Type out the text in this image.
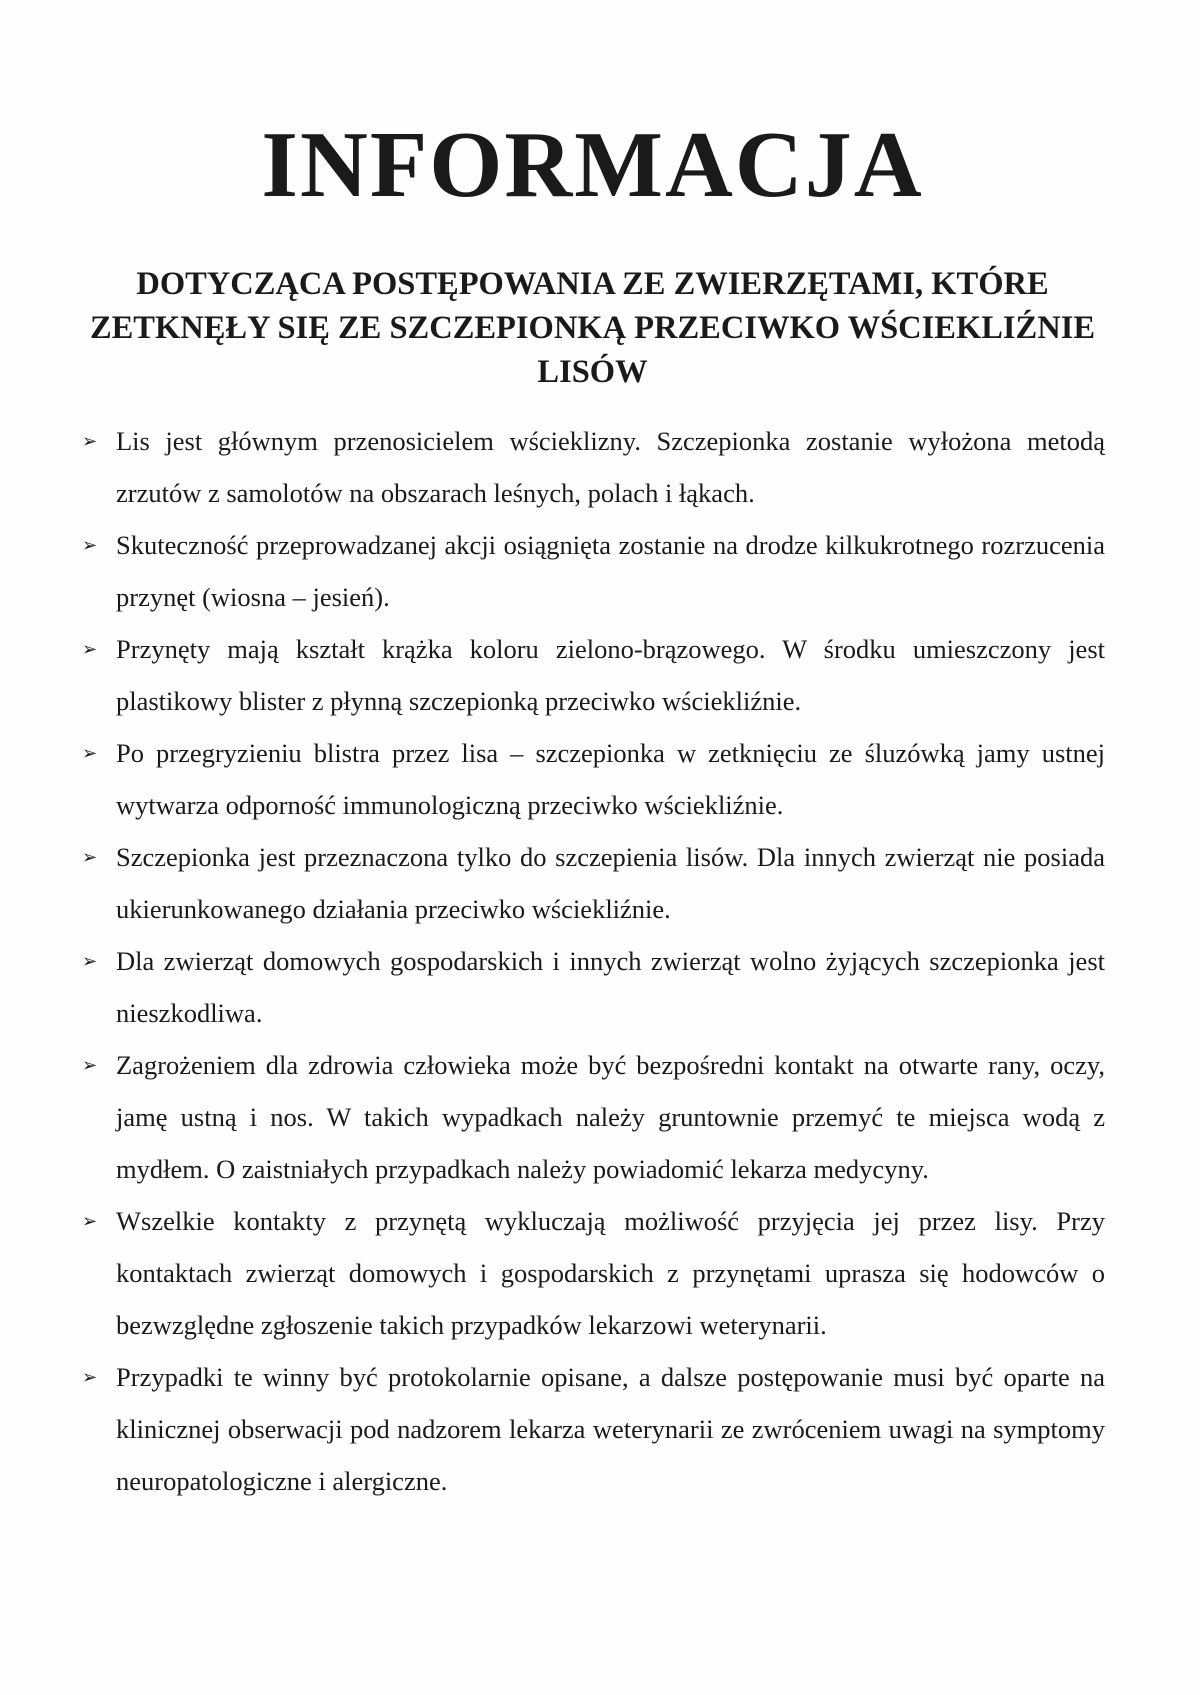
INFORMACJA
DOTYCZĄCA POSTĘPOWANIA ZE ZWIERZĘTAMI, KTÓRE ZETKNĘŁY SIĘ ZE SZCZEPIONKĄ PRZECIWKO WŚCIEKLIŹNIE LISÓW
➢ Lis jest głównym przenosicielem wścieklizny. Szczepionka zostanie wyłożona metodą zrzutów z samolotów na obszarach leśnych, polach i łąkach.
➢ Skuteczność przeprowadzanej akcji osiągnięta zostanie na drodze kilkukrotnego rozrzucenia przynęt (wiosna – jesień).
➢ Przynęty mają kształt krążka koloru zielono-brązowego. W środku umieszczony jest plastikowy blister z płynną szczepionką przeciwko wściekliźnie.
➢ Po przegryzieniu blistra przez lisa – szczepionka w zetknięciu ze śluzówką jamy ustnej wytwarza odporność immunologiczną przeciwko wściekliźnie.
➢ Szczepionka jest przeznaczona tylko do szczepienia lisów. Dla innych zwierząt nie posiada ukierunkowanego działania przeciwko wściekliźnie.
➢ Dla zwierząt domowych gospodarskich i innych zwierząt wolno żyjących szczepionka jest nieszkodliwa.
➢ Zagrożeniem dla zdrowia człowieka może być bezpośredni kontakt na otwarte rany, oczy, jamę ustną i nos. W takich wypadkach należy gruntownie przemyć te miejsca wodą z mydłem. O zaistniałych przypadkach należy powiadomić lekarza medycyny.
➢ Wszelkie kontakty z przynętą wykluczają możliwość przyjęcia jej przez lisy. Przy kontaktach zwierząt domowych i gospodarskich z przynętami uprasza się hodowców o bezwzględne zgłoszenie takich przypadków lekarzowi weterynarii.
➢ Przypadki te winny być protokolarnie opisane, a dalsze postępowanie musi być oparte na klinicznej obserwacji pod nadzorem lekarza weterynarii ze zwróceniem uwagi na symptomy neuropatologiczne i alergiczne.
